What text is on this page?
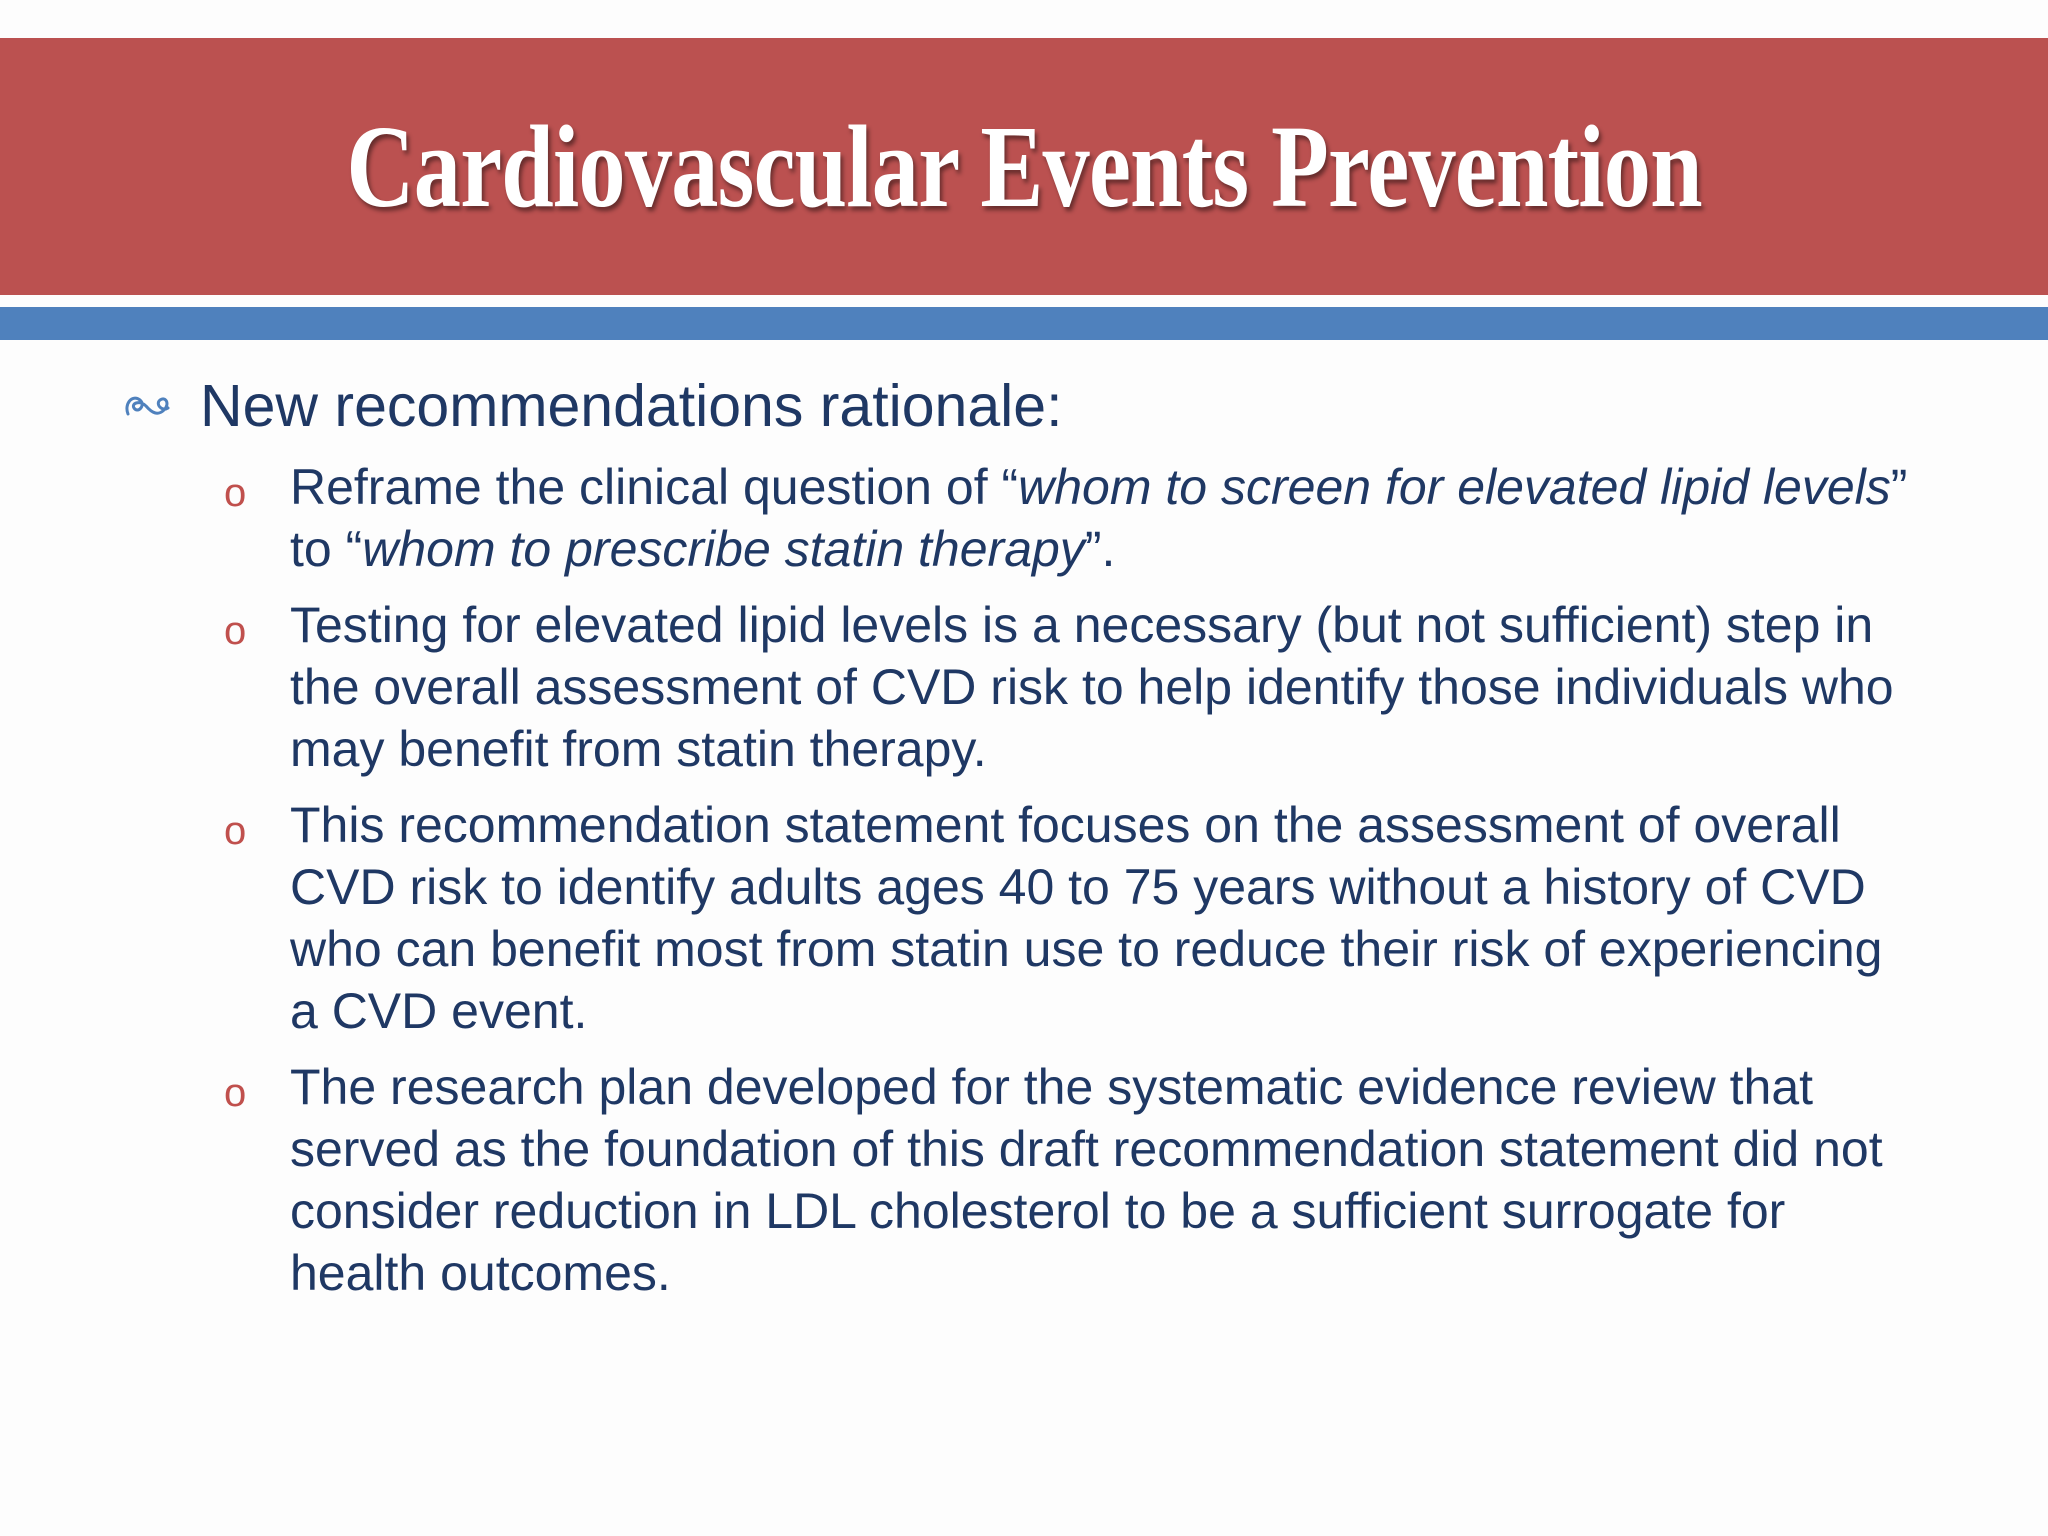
Cardiovascular Events Prevention
New recommendations rationale:
o Reframe the clinical question of “whom to screen for elevated lipid levels” to “whom to prescribe statin therapy”.
o Testing for elevated lipid levels is a necessary (but not sufficient) step in the overall assessment of CVD risk to help identify those individuals who may benefit from statin therapy.
o This recommendation statement focuses on the assessment of overall CVD risk to identify adults ages 40 to 75 years without a history of CVD who can benefit most from statin use to reduce their risk of experiencing a CVD event.
o The research plan developed for the systematic evidence review that served as the foundation of this draft recommendation statement did not consider reduction in LDL cholesterol to be a sufficient surrogate for health outcomes.
